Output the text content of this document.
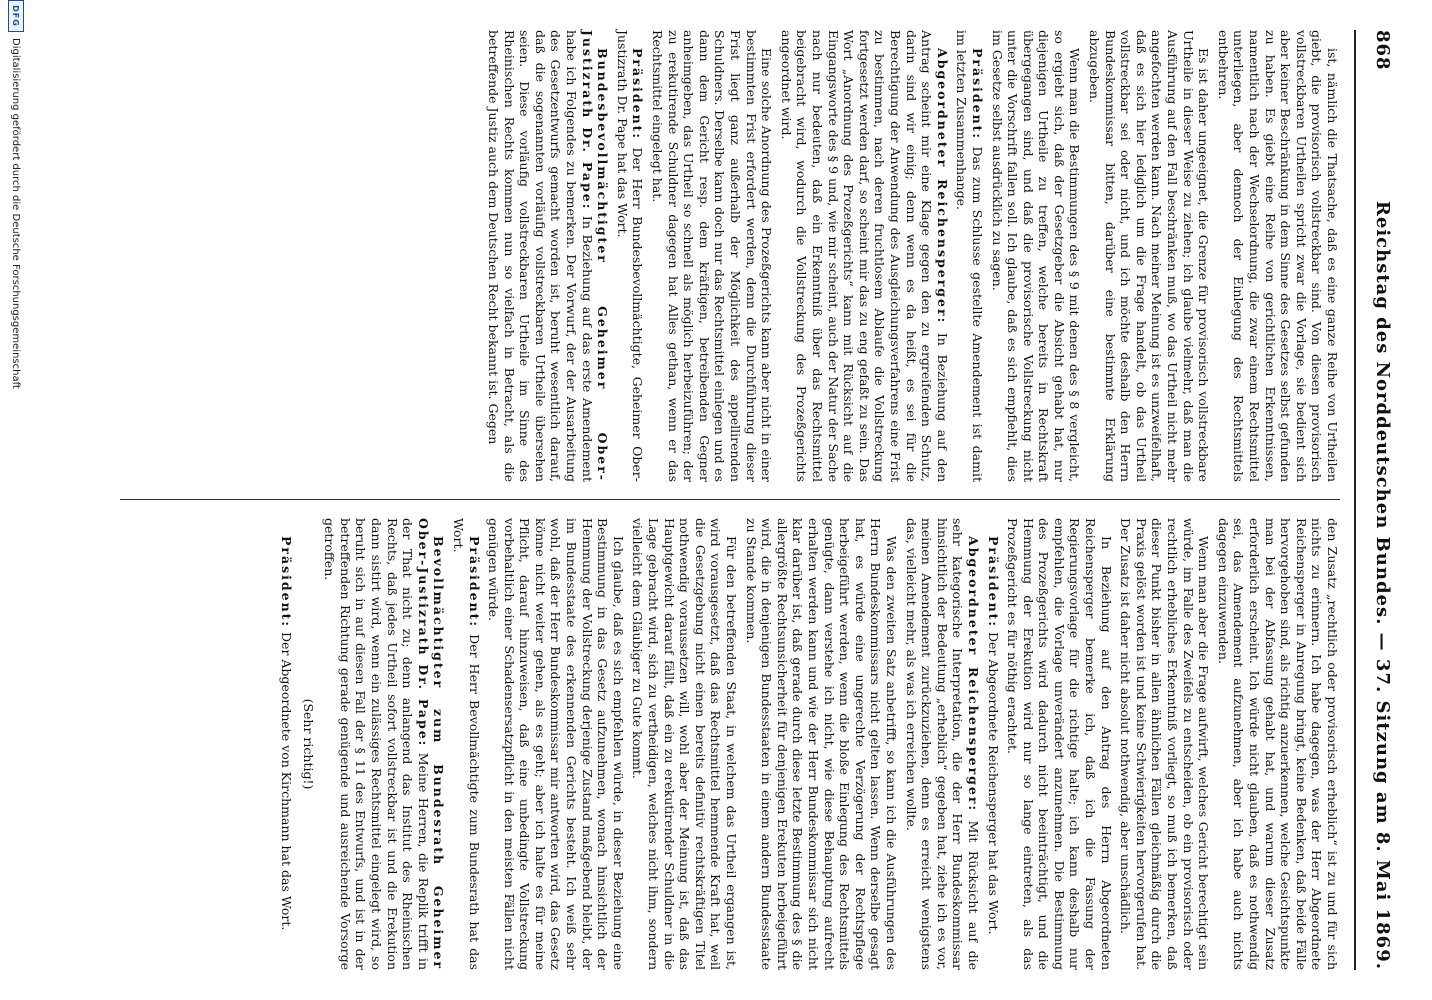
868
Reichstag des Norddeutschen Bundes. — 37. Sitzung am 8. Mai 1869.

ist, nämlich die Thatsache, daß es eine ganze Reihe von Urtheilen giebt, die provisorisch vollstreckbar sind. Von diesen provisorisch vollstreckbaren Urtheilen spricht zwar die Vorlage, sie bedient sich aber keiner Beschränkung in dem Sinne des Gesetzes selbst gefunden zu haben. Es giebt eine Reihe von gerichtlichen Erkenntnissen, namentlich nach der Wechselordnung, die zwar einem Rechtsmittel unterliegen, aber dennoch der Einlegung des Rechtsmittels entbehren.

Es ist daher ungeeignet, die Grenze für provisorisch vollstreckbare Urtheile in dieser Weise zu ziehen; ich glaube vielmehr, daß man die Ausführung auf den Fall beschränken muß, wo das Urtheil nicht mehr angefochten werden kann. Nach meiner Meinung ist es unzweifelhaft, daß es sich hier lediglich um die Frage handelt, ob das Urtheil vollstreckbar sei oder nicht, und ich möchte deshalb den Herrn Bundeskommissar bitten, darüber eine bestimmte Erklärung abzugeben.

Wenn man die Bestimmungen des § 9 mit denen des § 8 vergleicht, so ergiebt sich, daß der Gesetzgeber die Absicht gehabt hat, nur diejenigen Urtheile zu treffen, welche bereits in Rechtskraft übergegangen sind, und daß die provisorische Vollstreckung nicht unter die Vorschrift fallen soll. Ich glaube, daß es sich empfiehlt, dies im Gesetze selbst ausdrücklich zu sagen.

Präsident: Das zum Schlusse gestellte Amendement ist damit im letzten Zusammenhange.

Abgeordneter Reichensperger: In Beziehung auf den Antrag scheint mir eine Klage gegen den zu ergreifenden Schutz, darin sind wir einig; denn wenn es da heißt, es sei für die Berechtigung der Anwendung des Ausgleichungsverfahrens eine Frist zu bestimmen, nach deren fruchtlosem Ablaufe die Vollstreckung fortgesetzt werden darf, so scheint mir das zu eng gefaßt zu sein. Das Wort „Anordnung des Prozeßgerichts“ kann mit Rücksicht auf die Eingangsworte des § 9 und, wie mir scheint, auch der Natur der Sache nach nur bedeuten, daß ein Erkenntniß über das Rechtsmittel beigebracht wird, wodurch die Vollstreckung des Prozeßgerichts angeordnet wird.

Eine solche Anordnung des Prozeßgerichts kann aber nicht in einer bestimmten Frist erfordert werden, denn die Durchführung dieser Frist liegt ganz außerhalb der Möglichkeit des appellirenden Schuldners. Derselbe kann doch nur das Rechtsmittel einlegen und es dann dem Gericht resp. dem kräftigen, betreibenden Gegner anheimgeben, das Urtheil so schnell als möglich herbeizuführen; der zu erekutirende Schuldner dagegen hat Alles gethan, wenn er das Rechtsmittel eingelegt hat.

Präsident: Der Herr Bundesbevollmächtigte, Geheimer Ober-Justizrath Dr. Pape hat das Wort.

Bundesbevollmächtigter Geheimer Ober-Justizrath Dr. Pape: In Beziehung auf das erste Amendement habe ich Folgendes zu bemerken. Der Vorwurf, der der Ausarbeitung des Gesetzentwurfs gemacht worden ist, beruht wesentlich darauf, daß die sogenannten vorläufig vollstreckbaren Urtheile übersehen seien. Diese vorläufig vollstreckbaren Urtheile im Sinne des Rheinischen Rechts kommen nun so vielfach in Betracht, als die betreffende Justiz auch dem Deutschen Recht bekannt ist. Gegen

den Zusatz „rechtlich oder provisorisch erheblich“ ist zu und für sich nichts zu erinnern. Ich habe dagegen, was der Herr Abgeordnete Reichensperger in Anregung bringt, keine Bedenken, daß beide Fälle hervorgehoben sind, als richtig anzuerkennen, welche Gesichtspunkte man bei der Abfassung gehabt hat, und warum dieser Zusatz erforderlich erscheint. Ich würde nicht glauben, daß es nothwendig sei, das Amendement aufzunehmen, aber ich habe auch nichts dagegen einzuwenden.

Wenn man aber die Frage aufwirft, welches Gericht berechtigt sein würde, im Falle des Zweifels zu entscheiden, ob ein provisorisch oder rechtlich erhebliches Erkenntniß vorliegt, so muß ich bemerken, daß dieser Punkt bisher in allen ähnlichen Fällen gleichmäßig durch die Praxis gelöst worden ist und keine Schwierigkeiten hervorgerufen hat. Der Zusatz ist daher nicht absolut nothwendig, aber unschädlich.

In Beziehung auf den Antrag des Herrn Abgeordneten Reichensperger bemerke ich, daß ich die Fassung der Regierungsvorlage für die richtige halte; ich kann deshalb nur empfehlen, die Vorlage unverändert anzunehmen. Die Bestimmung des Prozeßgerichts wird dadurch nicht beeinträchtigt, und die Hemmung der Erekution wird nur so lange eintreten, als das Prozeßgericht es für nöthig erachtet.

Präsident: Der Abgeordnete Reichensperger hat das Wort.

Abgeordneter Reichensperger: Mit Rücksicht auf die sehr kategorische Interpretation, die der Herr Bundeskommissar hinsichtlich der Bedeutung „erheblich“ gegeben hat, ziehe ich es vor, meinen Amendement zurückzuziehen, denn es erreicht wenigstens das, vielleicht mehr, als was ich erreichen wollte.

Was den zweiten Satz anbetrifft, so kann ich die Ausführungen des Herrn Bundeskommissars nicht gelten lassen. Wenn derselbe gesagt hat, es würde eine ungerechte Verzögerung der Rechtspflege herbeigeführt werden, wenn die bloße Einlegung des Rechtsmittels genügte, dann verstehe ich nicht, wie diese Behauptung aufrecht erhalten werden kann und wie der Herr Bundeskommissar sich nicht klar darüber ist, daß gerade durch diese letzte Bestimmung des § die allergrößte Rechtsunsicherheit für denjenigen Erekuten herbeigeführt wird, die in denjenigen Bundesstaaten in einem andern Bundesstaate zu Stande kommen.

Für den betreffenden Staat, in welchem das Urtheil ergangen ist, wird vorausgesetzt, daß das Rechtsmittel hemmende Kraft hat, weil die Gesetzgebung nicht einen bereits definitiv rechtskräftigen Titel nothwendig voraussetzen will, wohl aber der Meinung ist, daß das Hauptgewicht darauf fällt, daß ein zu erekutirender Schuldner in die Lage gebracht wird, sich zu vertheidigen, welches nicht ihm, sondern vielleicht dem Gläubiger zu Gute kommt.

Ich glaube, daß es sich empfehlen würde, in dieser Beziehung eine Bestimmung in das Gesetz aufzunehmen, wonach hinsichtlich der Hemmung der Vollstreckung derjenige Zustand maßgebend bleibt, der im Bundesstaate des erkennenden Gerichts besteht. Ich weiß sehr wohl, daß der Herr Bundeskommissar mir antworten wird, das Gesetz könne nicht weiter gehen, als es geht; aber ich halte es für meine Pflicht, darauf hinzuweisen, daß eine unbedingte Vollstreckung vorbehaltlich einer Schadensersatzpflicht in den meisten Fällen nicht genügen würde.

Präsident: Der Herr Bevollmächtigte zum Bundesrath hat das Wort.

Bevollmächtigter zum Bundesrath Geheimer Ober-Justizrath Dr. Pape: Meine Herren, die Replik trifft in der That nicht zu; denn anlangend das Institut des Rheinischen Rechts, daß jedes Urtheil sofort vollstreckbar ist und die Erekution dann sistirt wird, wenn ein zulässiges Rechtsmittel eingelegt wird, so beruht sich in auf diesen Fall der § 11 des Entwurfs, und ist in der betreffenden Richtung gerade genügende und ausreichende Vorsorge getroffen.

(Sehr richtig!)

Präsident: Der Abgeordnete von Kirchmann hat das Wort.

DFG
Digitalisierung gefördert durch die Deutsche Forschungsgemeinschaft
